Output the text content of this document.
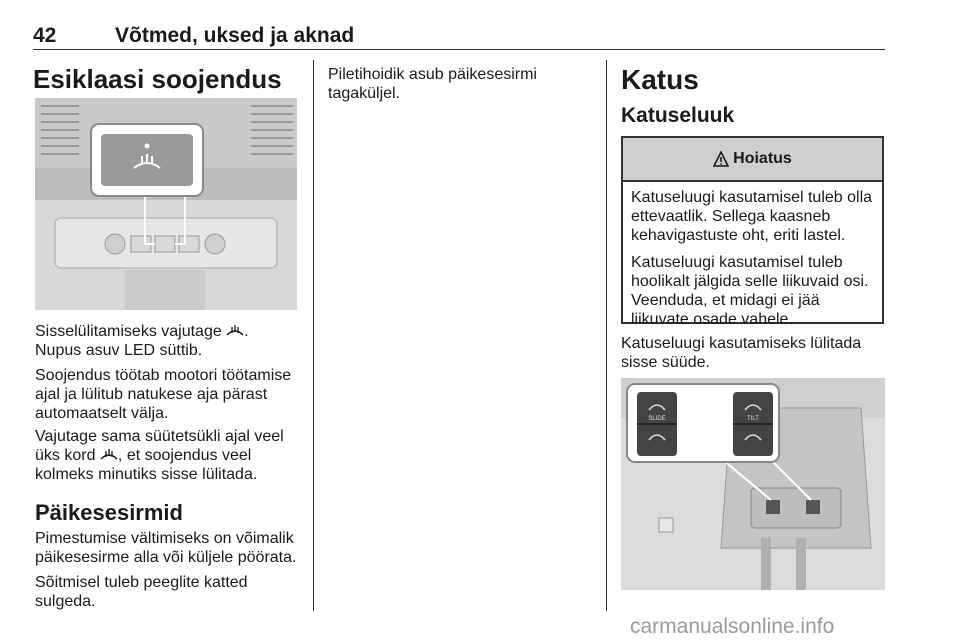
42	Võtmed, uksed ja aknad
Esiklaasi soojendus
Sisselülitamiseks vajutage .
Nupus asuv LED süttib.
Soojendus töötab mootori töötamise
ajal ja lülitub natukese aja pärast
automaatselt välja.
Vajutage sama süütetsükli ajal veel
üks kord , et soojendus veel
kolmeks minutiks sisse lülitada.
Päikesesirmid
Pimestumise vältimiseks on võimalik
päikesesirme alla või küljele pöörata.
Sõitmisel tuleb peeglite katted
sulgeda.
Piletihoidik asub päikesesirmi
tagaküljel.	Katus
Katuseluuk
Hoiatus
Katuseluugi kasutamisel tuleb olla
ettevaatlik. Sellega kaasneb
kehavigastuste oht, eriti lastel.
Katuseluugi kasutamisel tuleb
hoolikalt jälgida selle liikuvaid osi.
Veenduda, et midagi ei jää
liikuvate osade vahele.
Katuseluugi kasutamiseks lülitada
sisse süüde.
SLIDE	TILT
carmanualsonline.info
